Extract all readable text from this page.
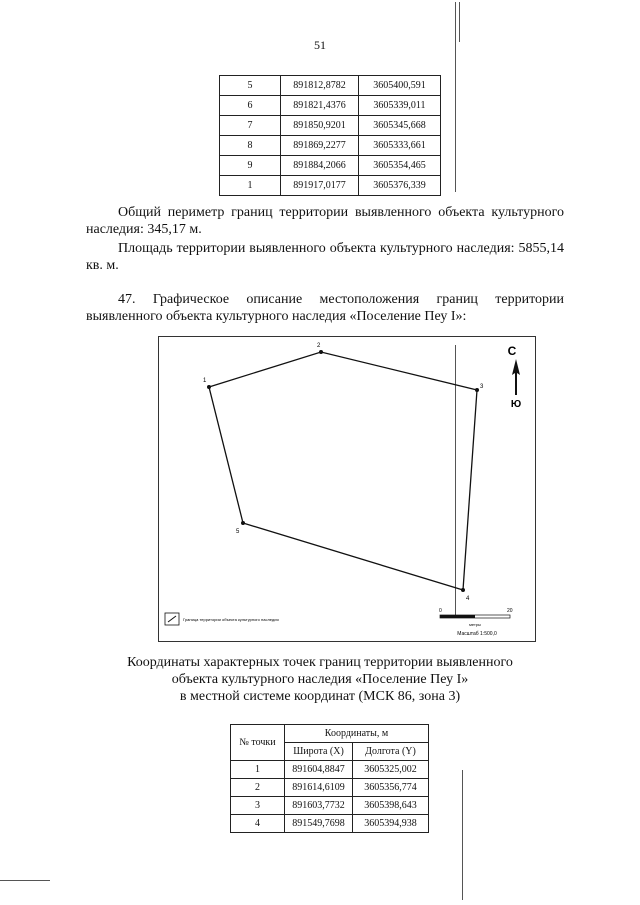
51
5	891812,8782	3605400,591
6	891821,4376	3605339,011
7	891850,9201	3605345,668
8	891869,2277	3605333,661
9	891884,2066	3605354,465
1	891917,0177	3605376,339
Общий периметр границ территории выявленного объекта культурного наследия: 345,17 м.
Площадь территории выявленного объекта культурного наследия: 5855,14 кв. м.
47. Графическое описание местоположения границ территории выявленного объекта культурного наследия «Поселение Пеу I»:
1
2
3
4
5
С
Ю
Граница территории объекта культурного наследия
0	20
метры
Масштаб 1:500,0
Координаты характерных точек границ территории выявленного
объекта культурного наследия «Поселение Пеу I»
в местной системе координат (МСК 86, зона 3)
№ точки	Координаты, м	
	Широта (X)	Долгота (Y)
1	891604,8847	3605325,002
2	891614,6109	3605356,774
3	891603,7732	3605398,643
4	891549,7698	3605394,938
